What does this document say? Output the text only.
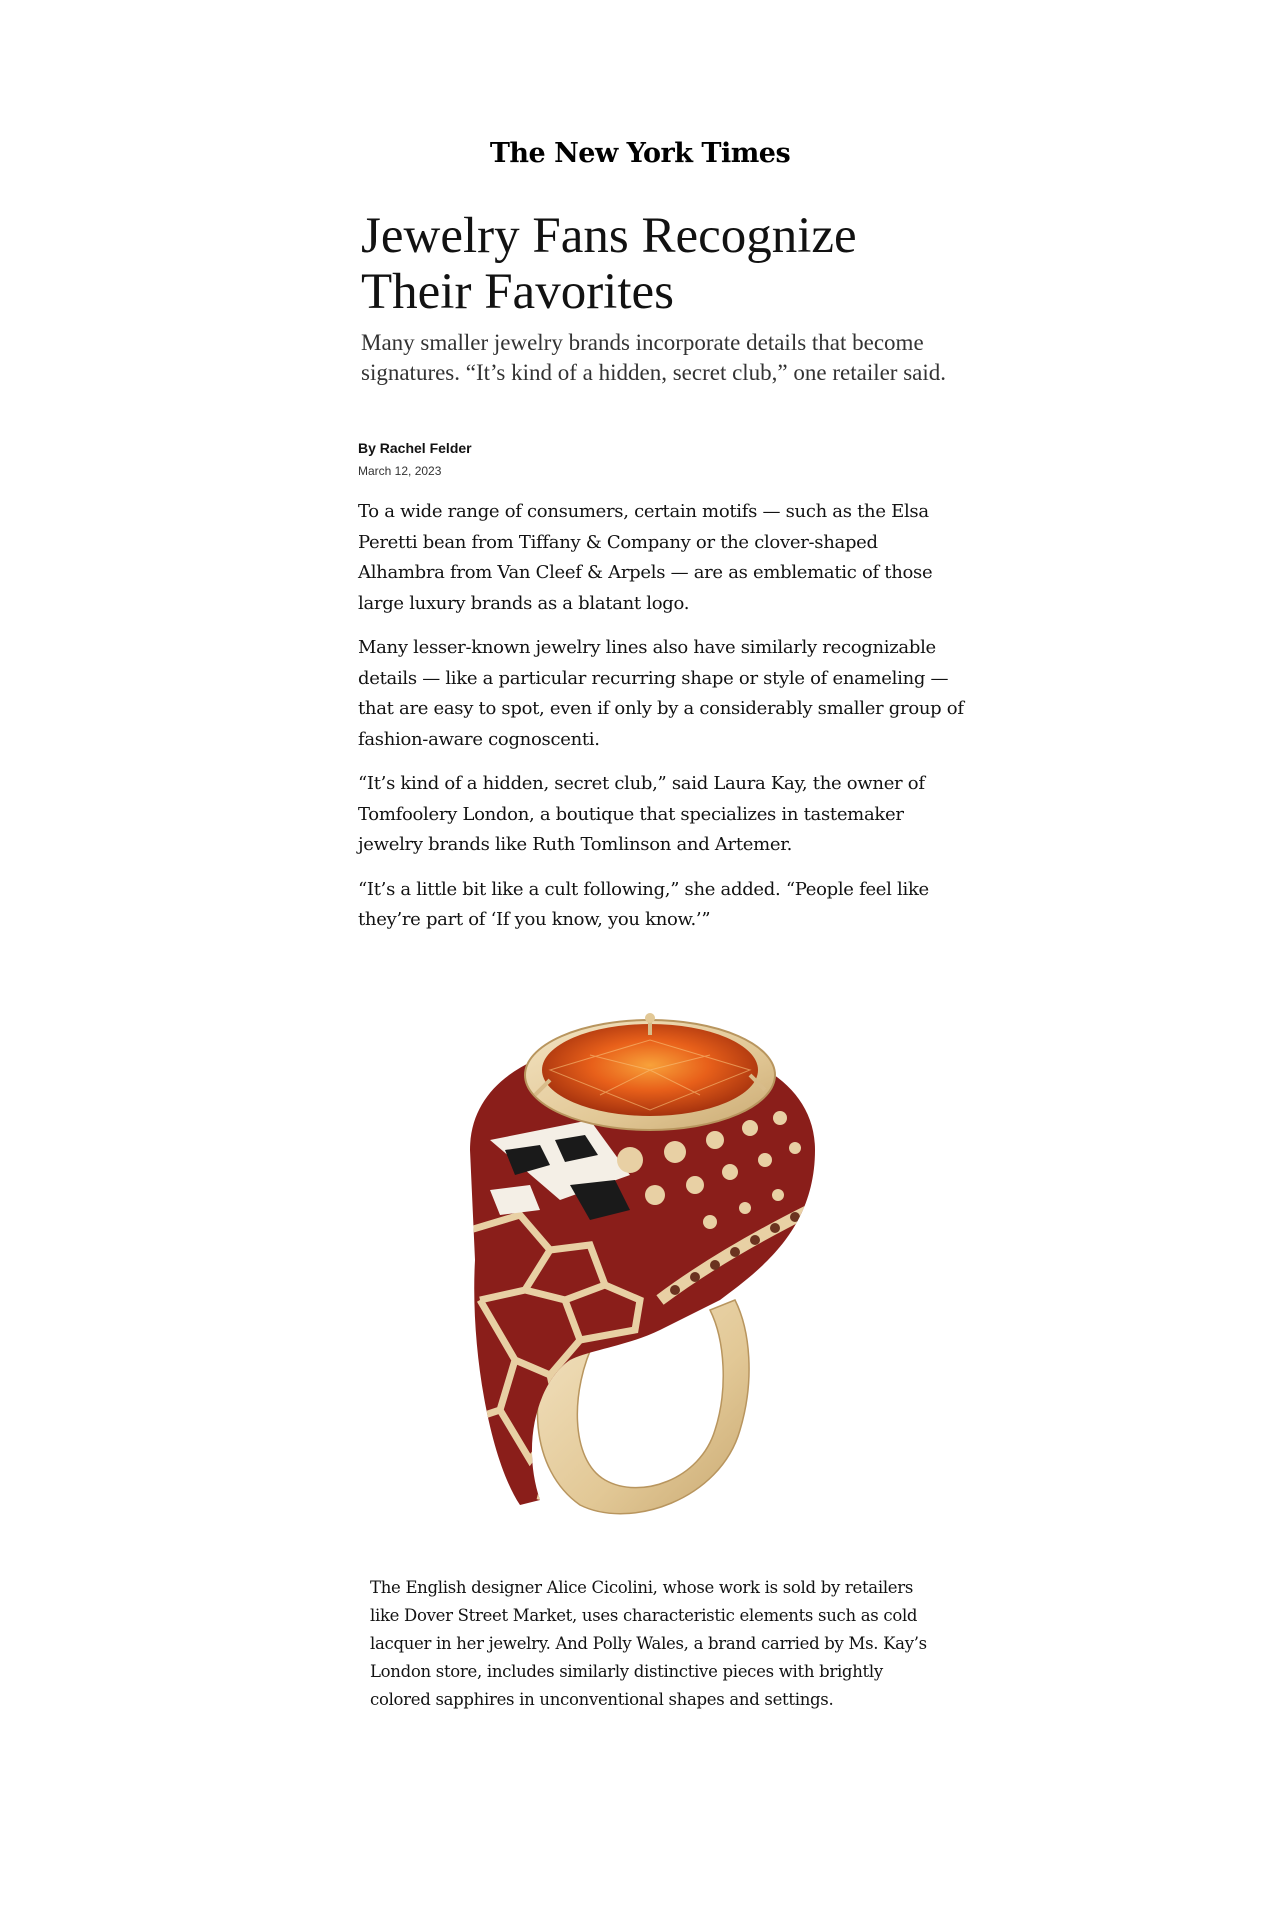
The New York Times
Jewelry Fans Recognize Their Favorites

Many smaller jewelry brands incorporate details that become signatures. “It’s kind of a hidden, secret club,” one retailer said.

By Rachel Felder
March 12, 2023

To a wide range of consumers, certain motifs — such as the Elsa Peretti bean from Tiffany & Company or the clover-shaped Alhambra from Van Cleef & Arpels — are as emblematic of those large luxury brands as a blatant logo.

Many lesser-known jewelry lines also have similarly recognizable details — like a particular recurring shape or style of enameling — that are easy to spot, even if only by a considerably smaller group of fashion-aware cognoscenti.

“It’s kind of a hidden, secret club,” said Laura Kay, the owner of Tomfoolery London, a boutique that specializes in tastemaker jewelry brands like Ruth Tomlinson and Artemer.

“It’s a little bit like a cult following,” she added. “People feel like they’re part of ‘If you know, you know.’”

The English designer Alice Cicolini, whose work is sold by retailers like Dover Street Market, uses characteristic elements such as cold lacquer in her jewelry. And Polly Wales, a brand carried by Ms. Kay’s London store, includes similarly distinctive pieces with brightly colored sapphires in unconventional shapes and settings.
